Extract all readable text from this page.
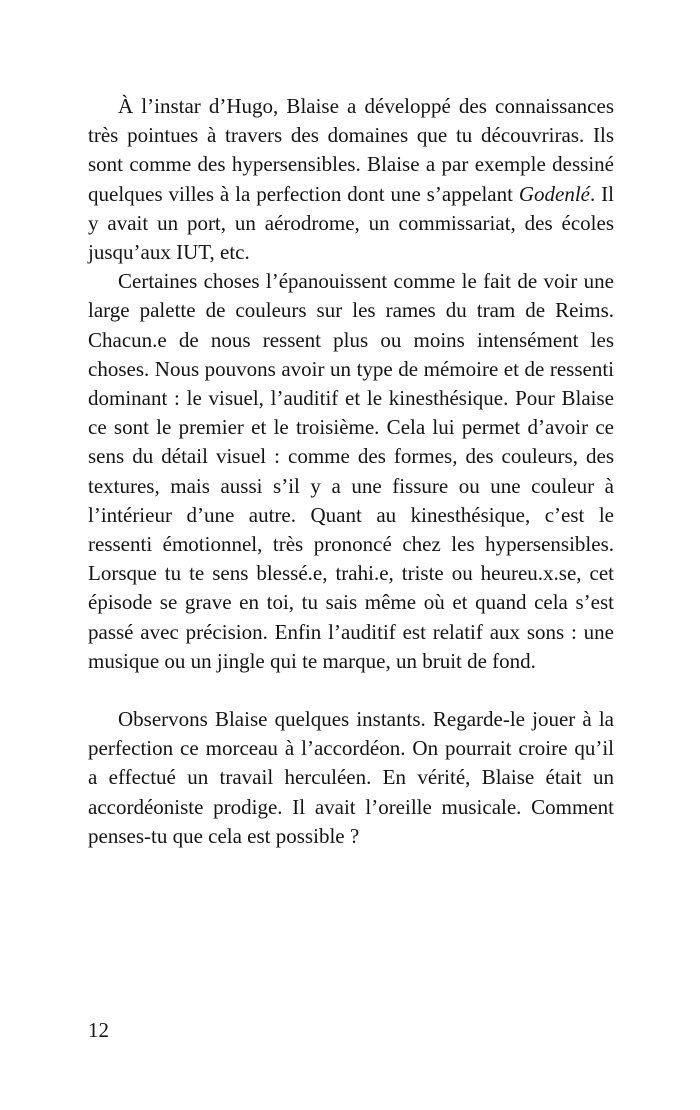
À l’instar d’Hugo, Blaise a développé des connaissances très pointues à travers des domaines que tu découvriras. Ils sont comme des hypersensibles. Blaise a par exemple dessiné quelques villes à la perfection dont une s’appelant Godenlé. Il y avait un port, un aérodrome, un commissariat, des écoles jusqu’aux IUT, etc.

Certaines choses l’épanouissent comme le fait de voir une large palette de couleurs sur les rames du tram de Reims. Chacun.e de nous ressent plus ou moins intensément les choses. Nous pouvons avoir un type de mémoire et de ressenti dominant : le visuel, l’auditif et le kinesthésique. Pour Blaise ce sont le premier et le troisième. Cela lui permet d’avoir ce sens du détail visuel : comme des formes, des couleurs, des textures, mais aussi s’il y a une fissure ou une couleur à l’intérieur d’une autre. Quant au kinesthésique, c’est le ressenti émotionnel, très prononcé chez les hypersensibles. Lorsque tu te sens blessé.e, trahi.e, triste ou heureu.x.se, cet épisode se grave en toi, tu sais même où et quand cela s’est passé avec précision. Enfin l’auditif est relatif aux sons : une musique ou un jingle qui te marque, un bruit de fond.

Observons Blaise quelques instants. Regarde-le jouer à la perfection ce morceau à l’accordéon. On pourrait croire qu’il a effectué un travail herculéen. En vérité, Blaise était un accordéoniste prodige. Il avait l’oreille musicale. Comment penses-tu que cela est possible ?

12
